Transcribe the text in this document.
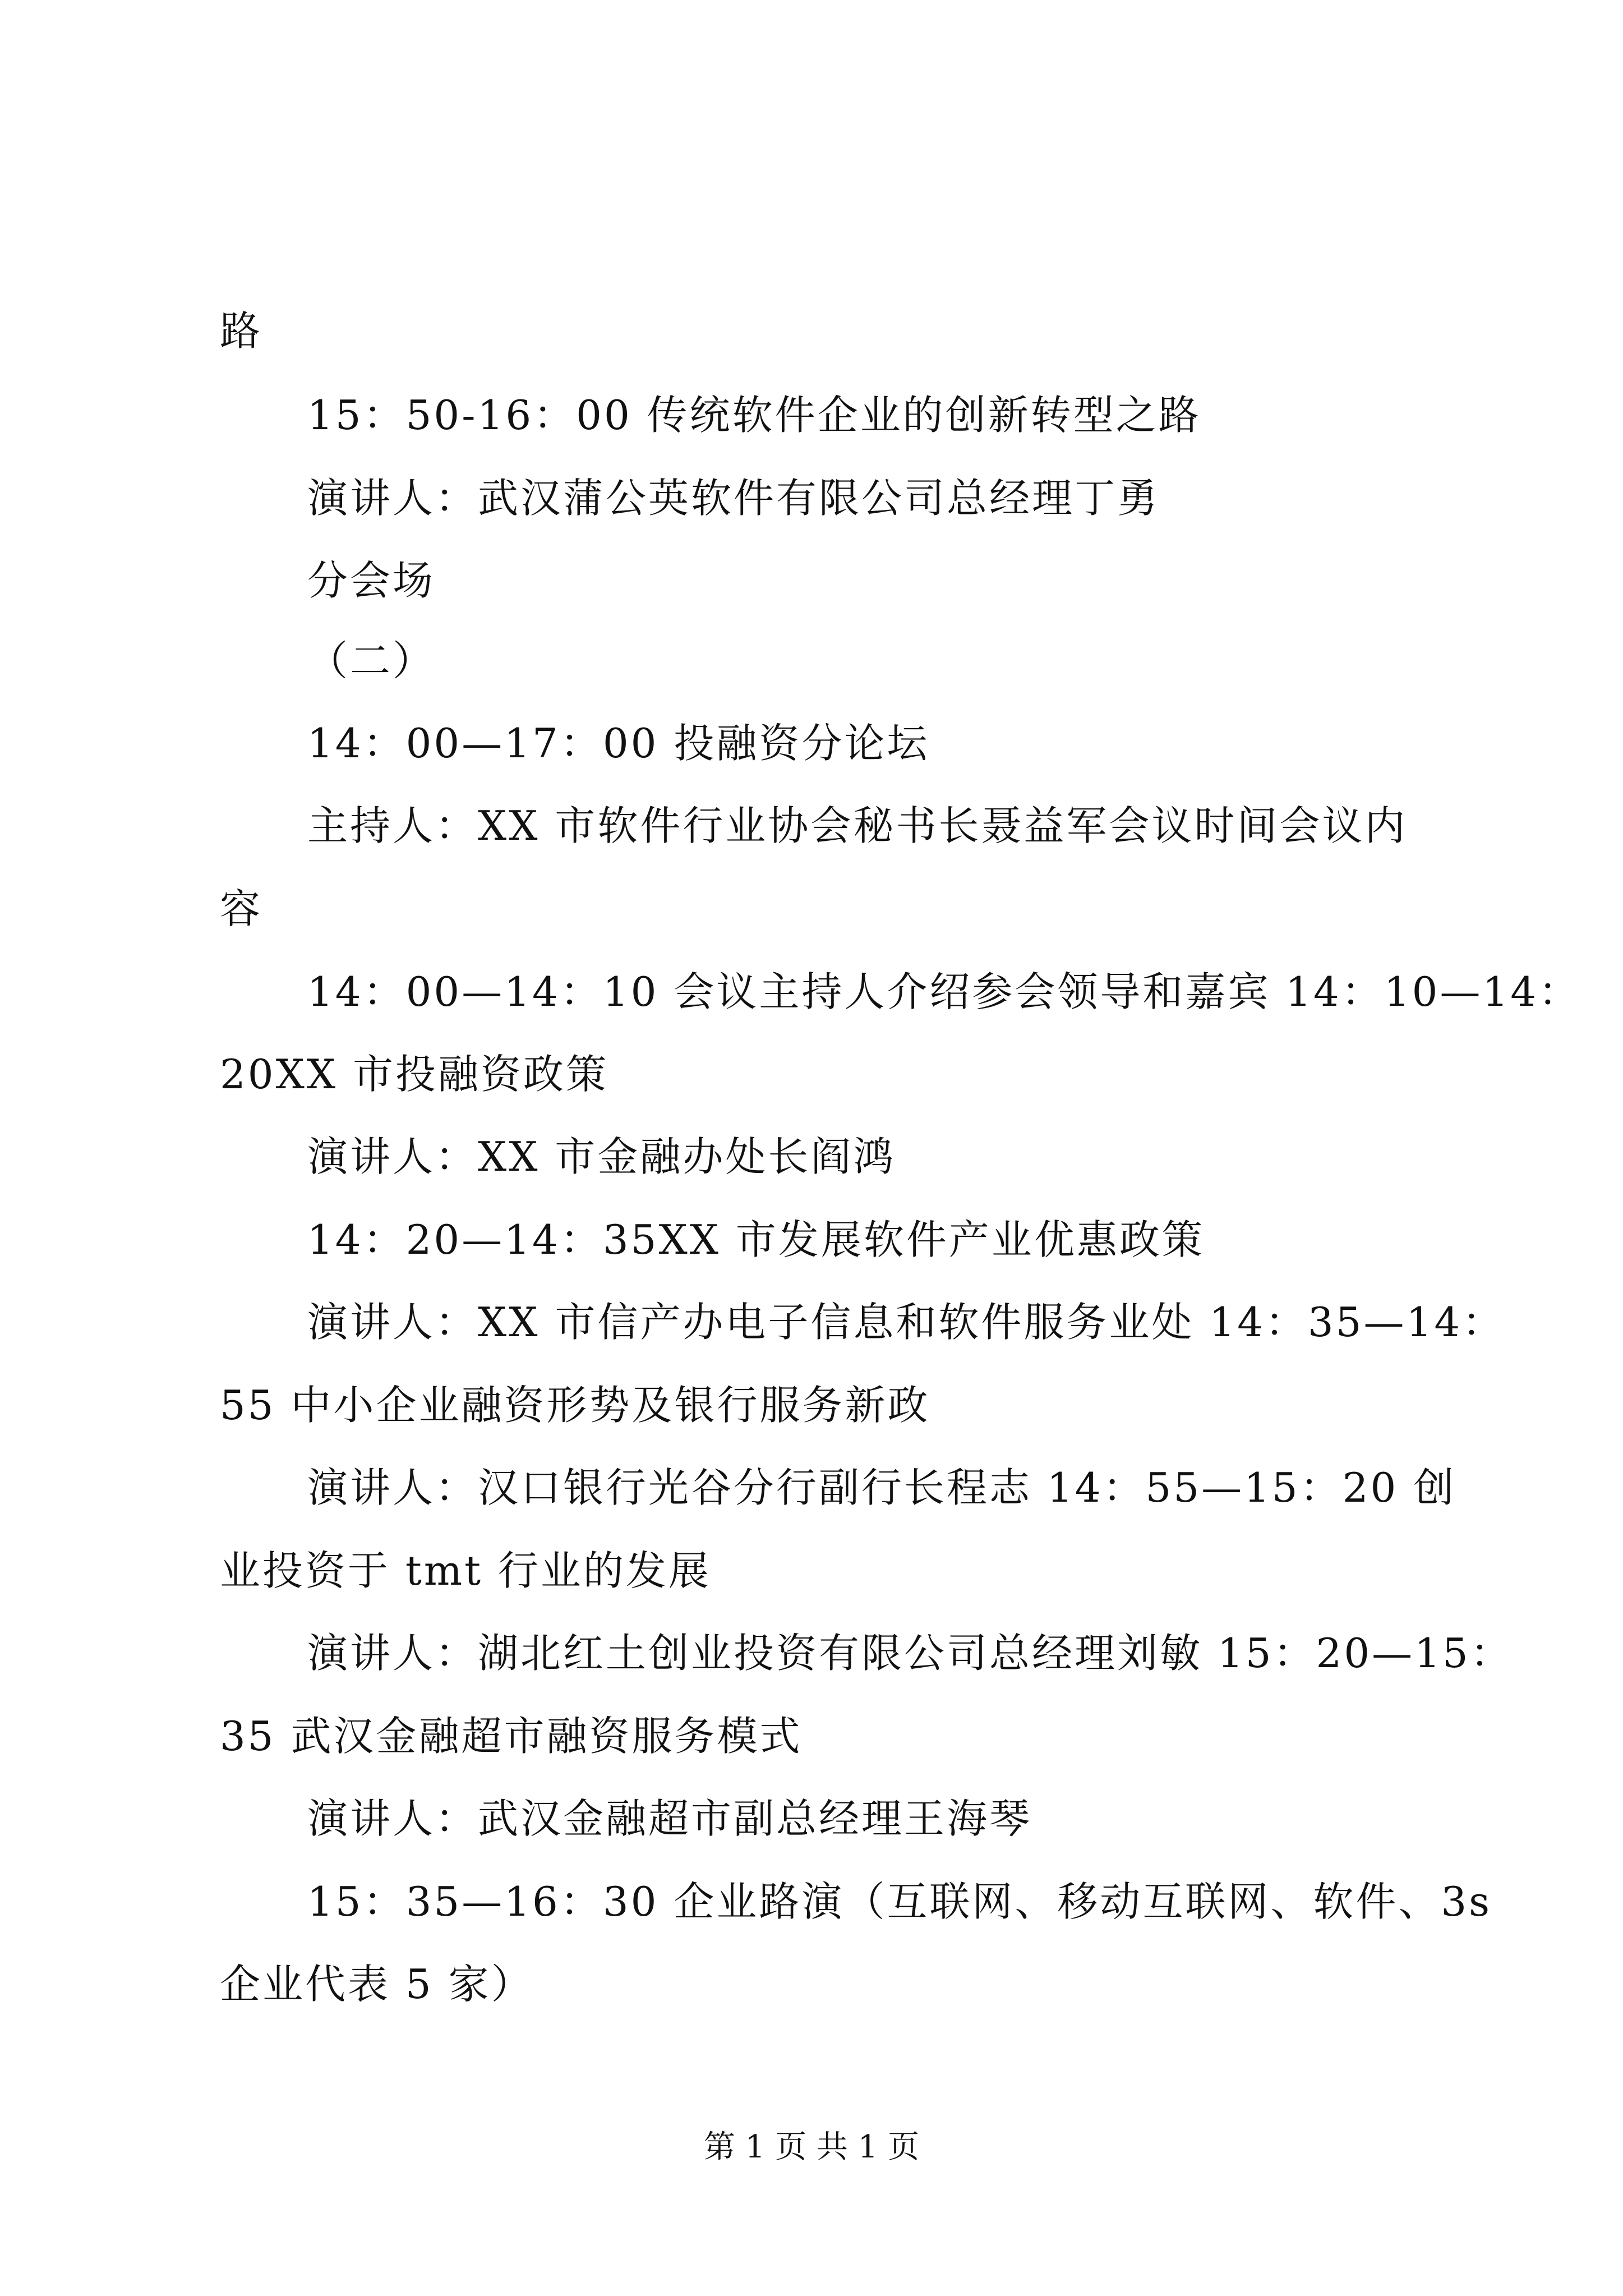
路
15：50-16：00 传统软件企业的创新转型之路
演讲人：武汉蒲公英软件有限公司总经理丁勇
分会场
（二）
14：00—17：00 投融资分论坛
主持人：XX 市软件行业协会秘书长聂益军会议时间会议内
容
14：00—14：10 会议主持人介绍参会领导和嘉宾 14：10—14：
20XX 市投融资政策
演讲人：XX 市金融办处长阎鸿
14：20—14：35XX 市发展软件产业优惠政策
演讲人：XX 市信产办电子信息和软件服务业处 14：35—14：
55 中小企业融资形势及银行服务新政
演讲人：汉口银行光谷分行副行长程志 14：55—15：20 创
业投资于 tmt 行业的发展
演讲人：湖北红土创业投资有限公司总经理刘敏 15：20—15：
35 武汉金融超市融资服务模式
演讲人：武汉金融超市副总经理王海琴
15：35—16：30 企业路演（互联网、移动互联网、软件、3s
企业代表 5 家）
第 1 页 共 1 页
